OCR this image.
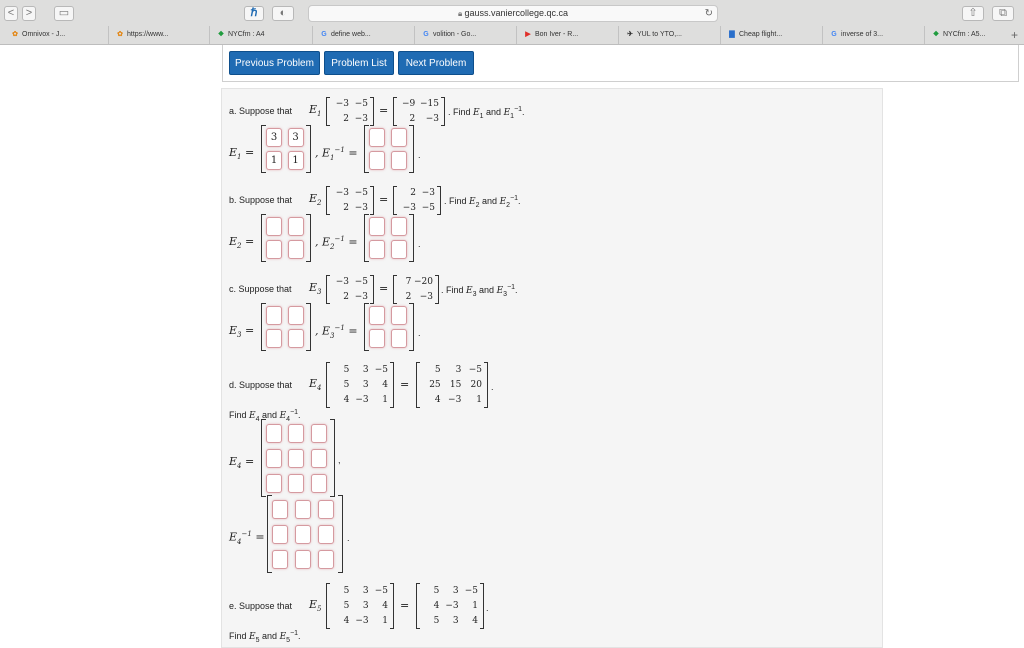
<	>	▭	ℏ	◐	🔒︎ gauss.vaniercollege.qc.ca	↻	⇧	⧉
✿ Omnivox - J...	✿ https://www...	❖ NYCfm : A4	G define web...	G volition - Go...	▶ Bon Iver - R...	✈ YUL to YTO,...	▇ Cheap flight...	G inverse of 3...	❖ NYCfm : A5...	+
Previous Problem	Problem List	Next Problem
a. Suppose that $E_1$
−3 −5
2 −3
=	−9 −15
2	−3
. Find $E_1$ and $E_1^{-1}$.
$E_1$ =
3	3
1	1
, $E_1^{-1}$ =	.
b. Suppose that $E_2$
−3 −5
2 −3
=	2 −3
−3 −5
. Find $E_2$ and $E_2^{-1}$.
$E_2$ =	, $E_2^{-1}$ =	.
c. Suppose that $E_3$
−3 −5
2 −3
=	7 −20
2 −3
. Find $E_3$ and $E_3^{-1}$.
$E_3$ =	, $E_3^{-1}$ =	.
d. Suppose that $E_4$
5	3 −5
5	3	4
4 −3	1
=
5	3 −5
25	15	20
4 −3	1
.
Find $E_4$ and $E_4^{-1}$.
$E_4$ =	,
$E_4^{-1}$ =	.
e. Suppose that $E_5$
5	3 −5
5	3	4
4 −3	1
=
5	3 −5
4 −3	1
5	3	4
.
Find $E_5$ and $E_5^{-1}$.
